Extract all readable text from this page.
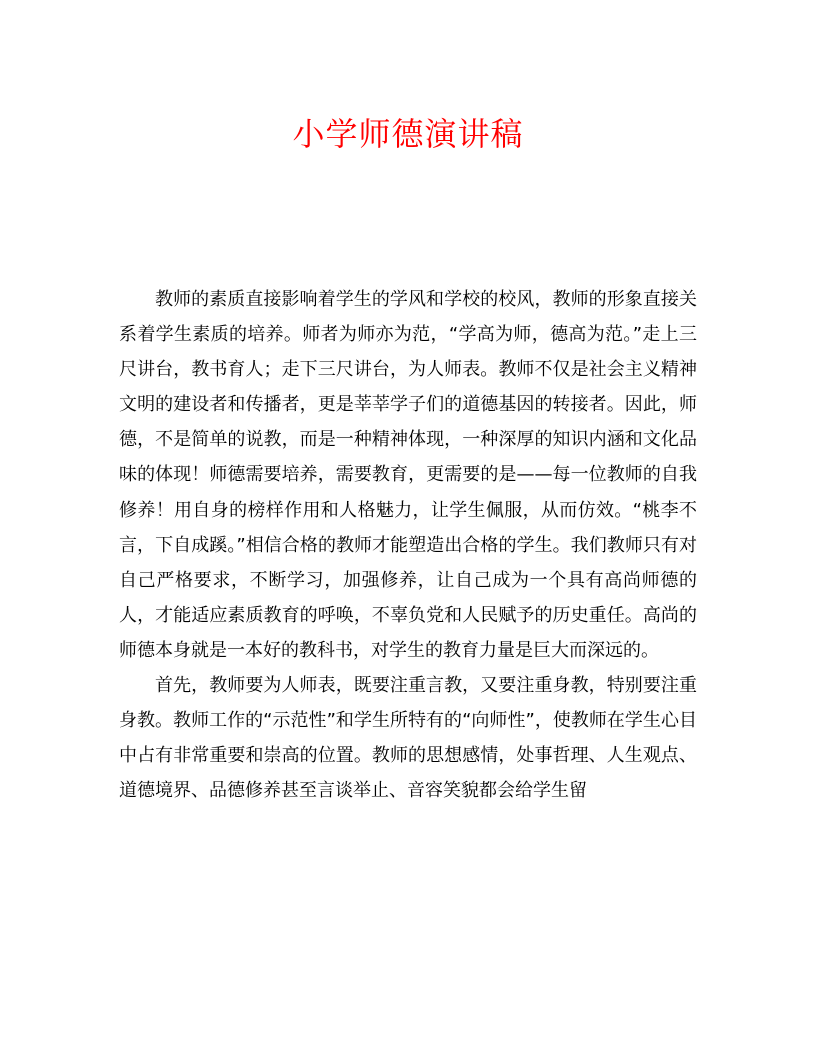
小学师德演讲稿

教师的素质直接影响着学生的学风和学校的校风，教师的形象直接关系着学生素质的培养。师者为师亦为范，“学高为师，德高为范。”走上三尺讲台，教书育人；走下三尺讲台，为人师表。教师不仅是社会主义精神文明的建设者和传播者，更是莘莘学子们的道德基因的转接者。因此，师德，不是简单的说教，而是一种精神体现，一种深厚的知识内涵和文化品味的体现！师德需要培养，需要教育，更需要的是——每一位教师的自我修养！用自身的榜样作用和人格魅力，让学生佩服，从而仿效。“桃李不言，下自成蹊。”相信合格的教师才能塑造出合格的学生。我们教师只有对自己严格要求，不断学习，加强修养，让自己成为一个具有高尚师德的人，才能适应素质教育的呼唤，不辜负党和人民赋予的历史重任。高尚的师德本身就是一本好的教科书，对学生的教育力量是巨大而深远的。

首先，教师要为人师表，既要注重言教，又要注重身教，特别要注重身教。教师工作的“示范性”和学生所特有的“向师性”，使教师在学生心目中占有非常重要和崇高的位置。教师的思想感情，处事哲理、人生观点、道德境界、品德修养甚至言谈举止、音容笑貌都会给学生留
